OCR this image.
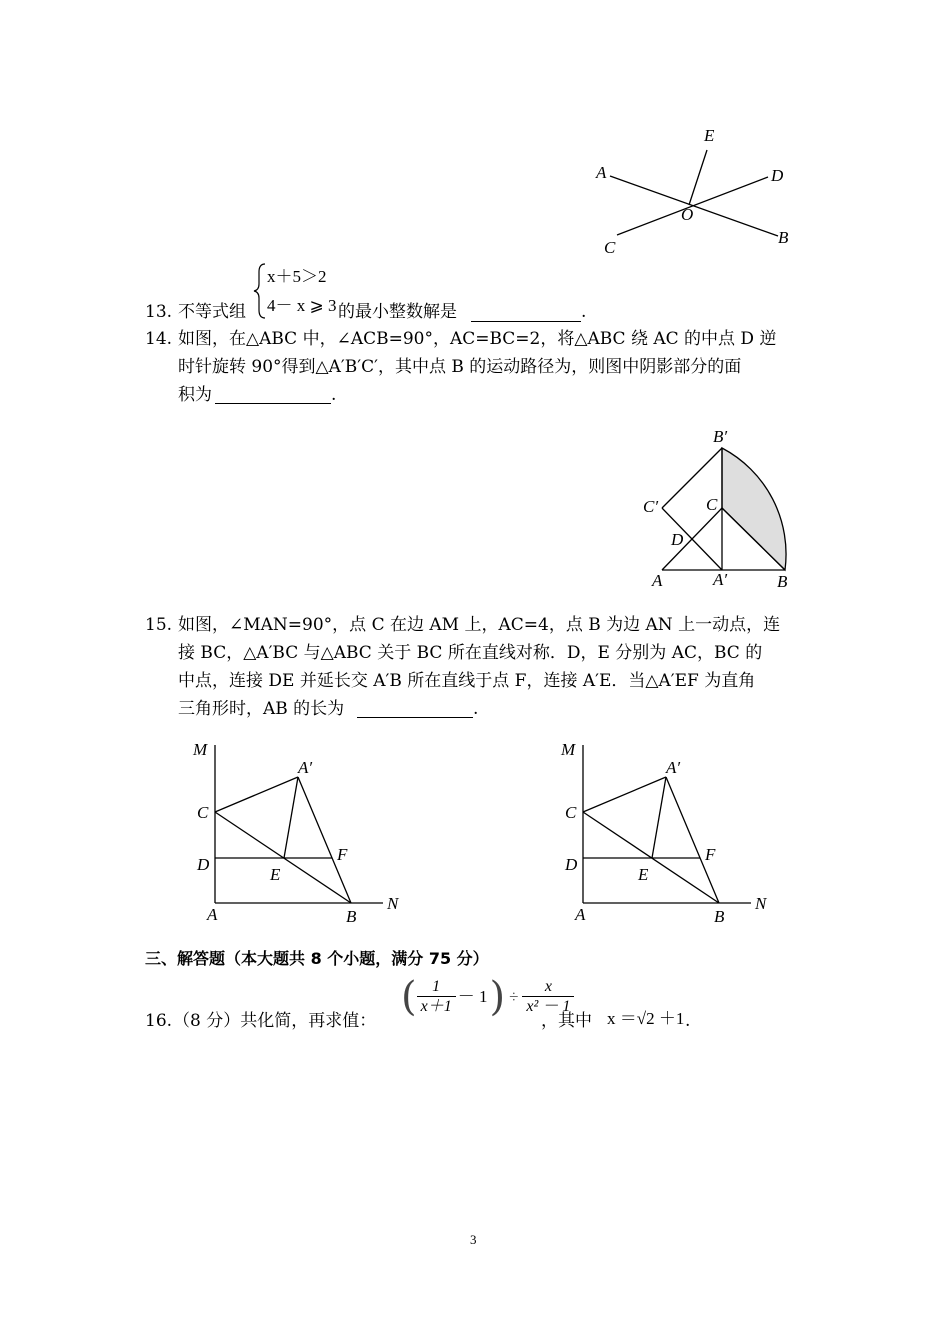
A
B
C
D
E
O
13. 不等式组
x＋5＞2
4－ x ⩾ 3 的最小整数解是	.
14. 如图，在△ABC 中，∠ACB=90°，AC=BC=2，将△ABC 绕 AC 的中点 D 逆
时针旋转 90°得到△A′B′C′，其中点 B 的运动路径为，则图中阴影部分的面
积为	.
B′
C′	C
D
A	A′	B
15. 如图，∠MAN=90°，点 C 在边 AM 上，AC=4，点 B 为边 AN 上一动点，连
接 BC，△A′BC 与△ABC 关于 BC 所在直线对称．D，E 分别为 AC，BC 的
中点，连接 DE 并延长交 A′B 所在直线于点 F，连接 A′E．当△A′EF 为直角
三角形时，AB 的长为	.
M
A′
C
D
F
E
A	B
N
M
A′
C
D
F
E
A	B
N
三、解答题（本大题共 8 个小题，满分 75 分）
16. （8 分）共化简，再求值：
( $\frac{1}{x+1} - 1) \div \frac{x}{\text{x² － 1}}$
，其中 x ＝√2 ＋1 .
3
